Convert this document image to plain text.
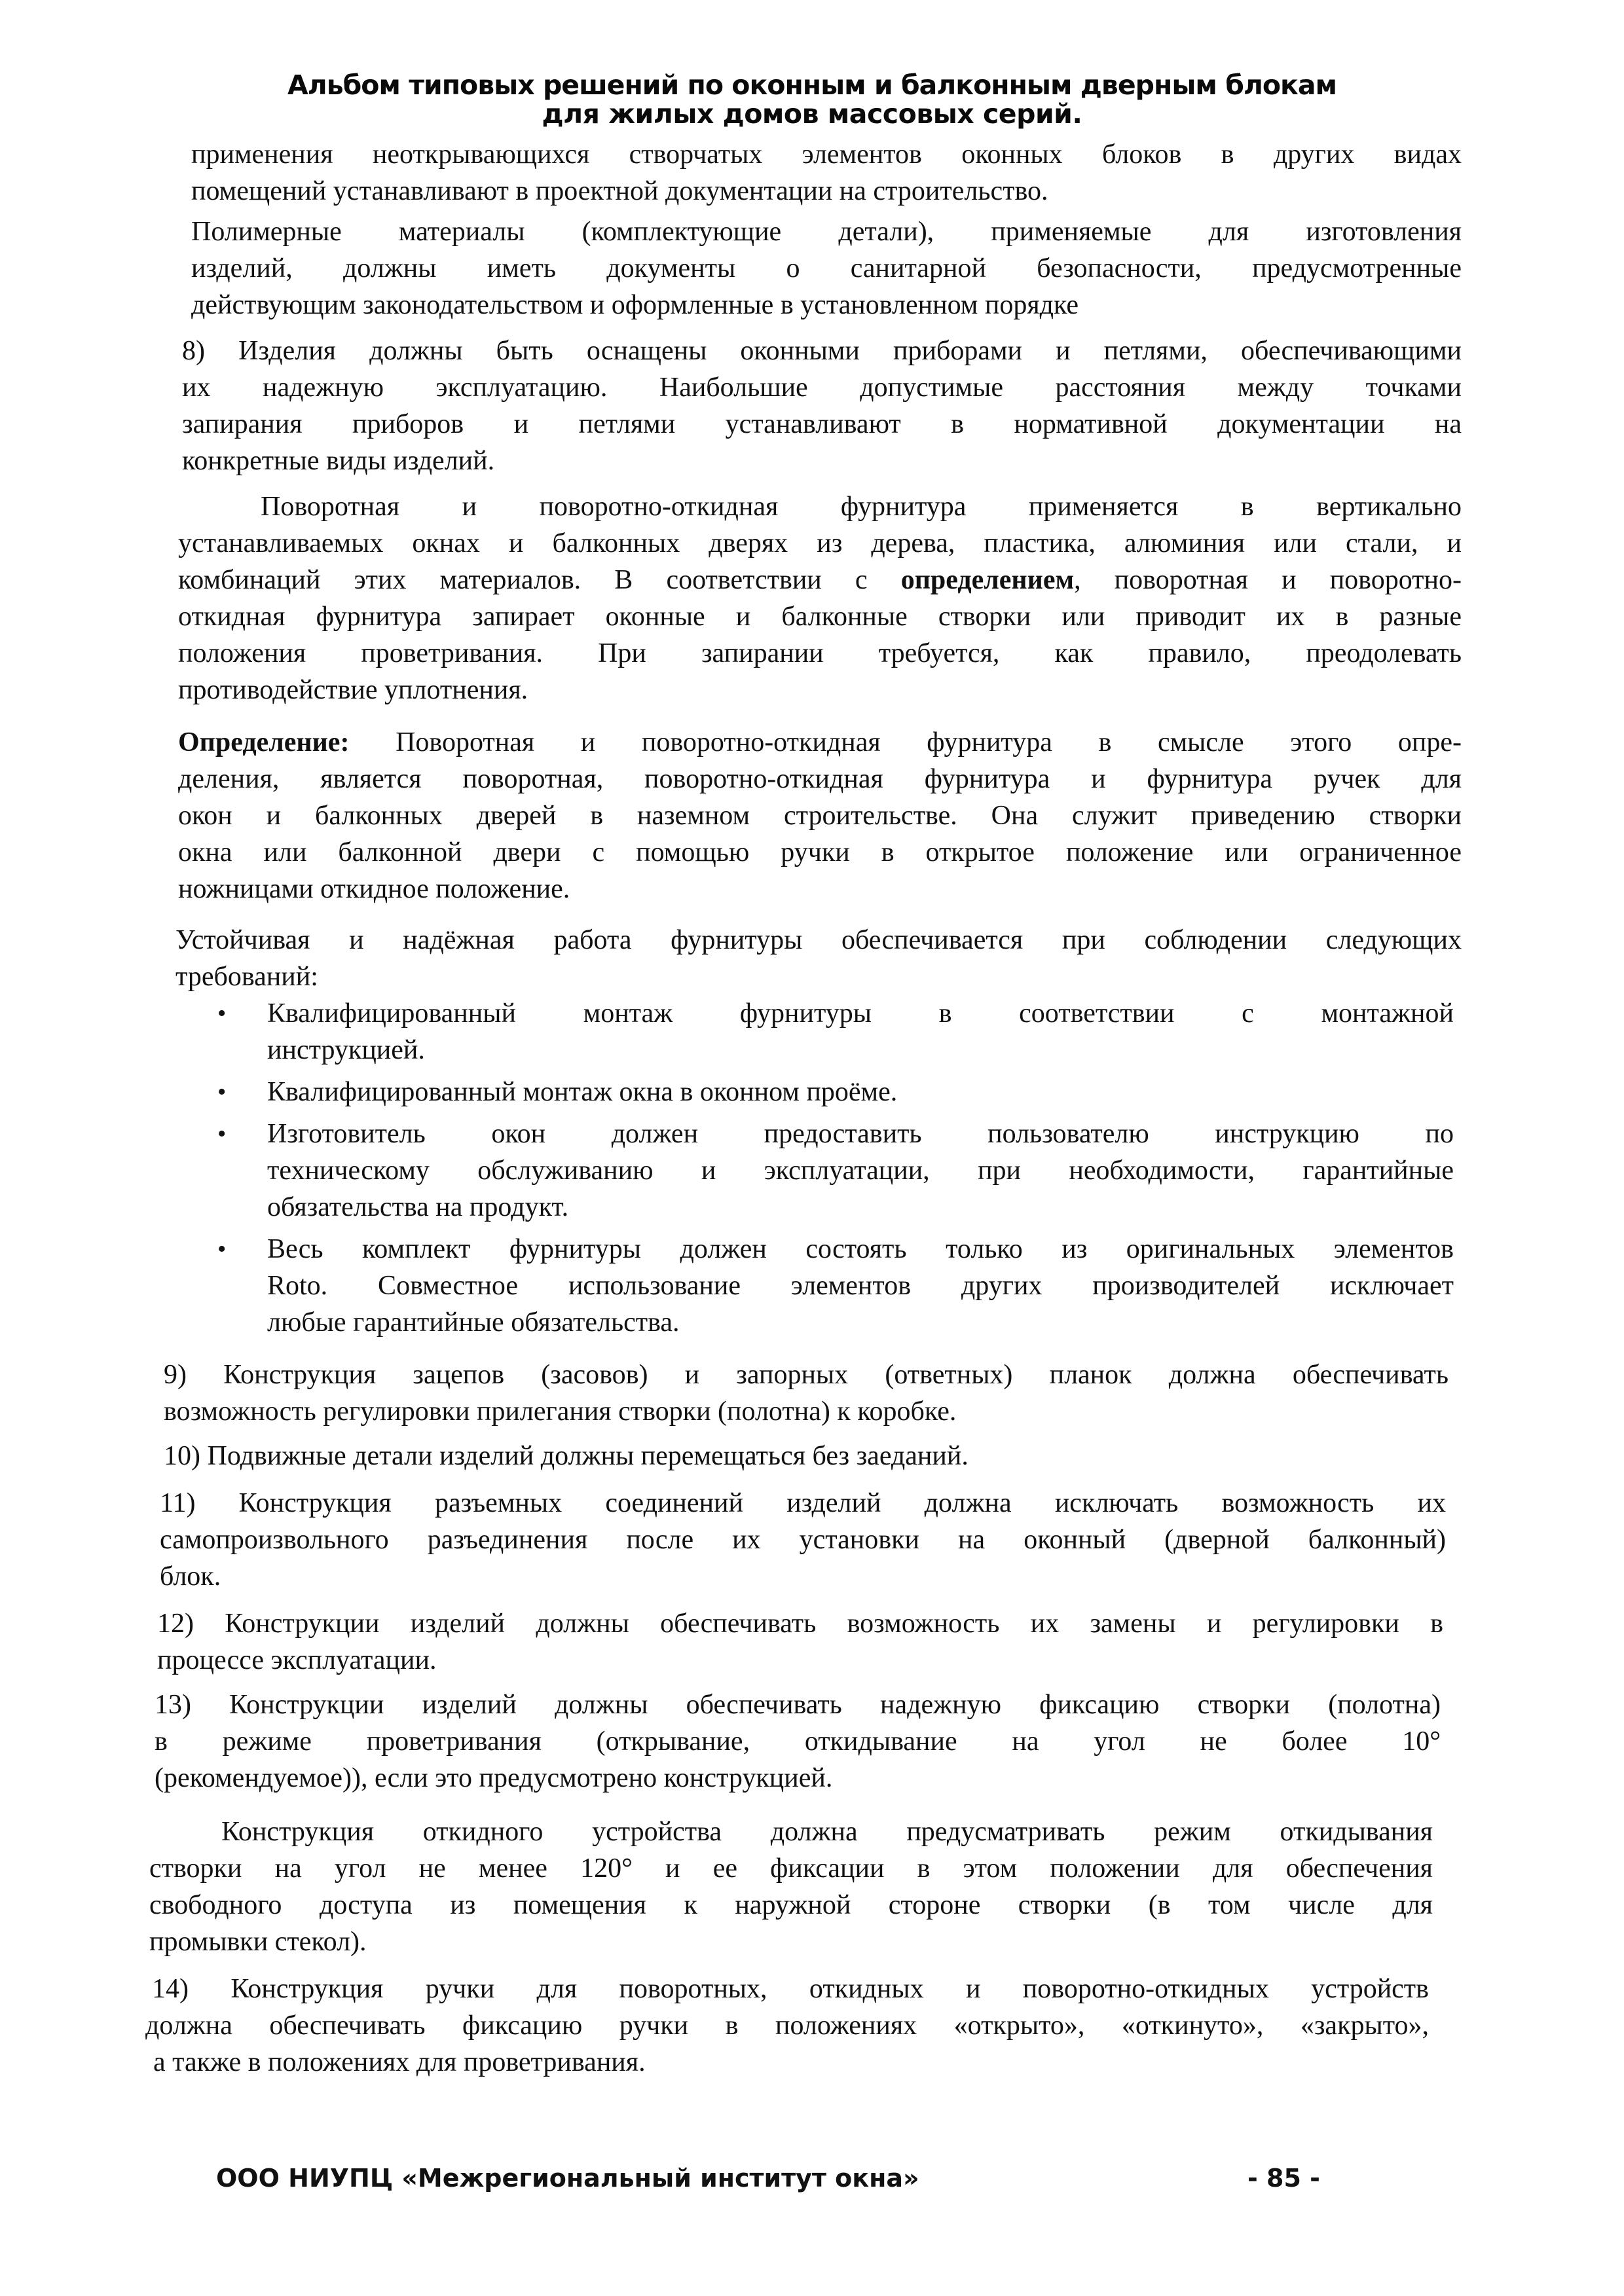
Альбом типовых решений по оконным и балконным дверным блокам
для жилых домов массовых серий.

применения неоткрывающихся створчатых элементов оконных блоков в других видах
помещений устанавливают в проектной документации на строительство.

Полимерные материалы (комплектующие детали), применяемые для изготовления
изделий, должны иметь документы о санитарной безопасности, предусмотренные
действующим законодательством и оформленные в установленном порядке

8) Изделия должны быть оснащены оконными приборами и петлями, обеспечивающими
их надежную эксплуатацию. Наибольшие допустимые расстояния между точками
запирания приборов и петлями устанавливают в нормативной документации на
конкретные виды изделий.

Поворотная и поворотно-откидная фурнитура применяется в вертикально
устанавливаемых окнах и балконных дверях из дерева, пластика, алюминия или стали, и
комбинаций этих материалов. В соответствии с определением, поворотная и поворотно-
откидная фурнитура запирает оконные и балконные створки или приводит их в разные
положения проветривания. При запирании требуется, как правило, преодолевать
противодействие уплотнения.

Определение: Поворотная и поворотно-откидная фурнитура в смысле этого опре-
деления, является поворотная, поворотно-откидная фурнитура и фурнитура ручек для
окон и балконных дверей в наземном строительстве. Она служит приведению створки
окна или балконной двери с помощью ручки в открытое положение или ограниченное
ножницами откидное положение.

Устойчивая и надёжная работа фурнитуры обеспечивается при соблюдении следующих
требований:

• Квалифицированный монтаж фурнитуры в соответствии с монтажной
инструкцией.
• Квалифицированный монтаж окна в оконном проёме.
• Изготовитель окон должен предоставить пользователю инструкцию по
техническому обслуживанию и эксплуатации, при необходимости, гарантийные
обязательства на продукт.
• Весь комплект фурнитуры должен состоять только из оригинальных элементов
Roto. Совместное использование элементов других производителей исключает
любые гарантийные обязательства.

9) Конструкция зацепов (засовов) и запорных (ответных) планок должна обеспечивать
возможность регулировки прилегания створки (полотна) к коробке.

10) Подвижные детали изделий должны перемещаться без заеданий.

11) Конструкция разъемных соединений изделий должна исключать возможность их
самопроизвольного разъединения после их установки на оконный (дверной балконный)
блок.

12) Конструкции изделий должны обеспечивать возможность их замены и регулировки в
процессе эксплуатации.

13) Конструкции изделий должны обеспечивать надежную фиксацию створки (полотна)
в режиме проветривания (открывание, откидывание на угол не более 10°
(рекомендуемое)), если это предусмотрено конструкцией.

Конструкция откидного устройства должна предусматривать режим откидывания
створки на угол не менее 120° и ее фиксации в этом положении для обеспечения
свободного доступа из помещения к наружной стороне створки (в том числе для
промывки стекол).

14) Конструкция ручки для поворотных, откидных и поворотно-откидных устройств
должна обеспечивать фиксацию ручки в положениях «открыто», «откинуто», «закрыто»,
а также в положениях для проветривания.

ООО НИУПЦ «Межрегиональный институт окна»	- 85 -
